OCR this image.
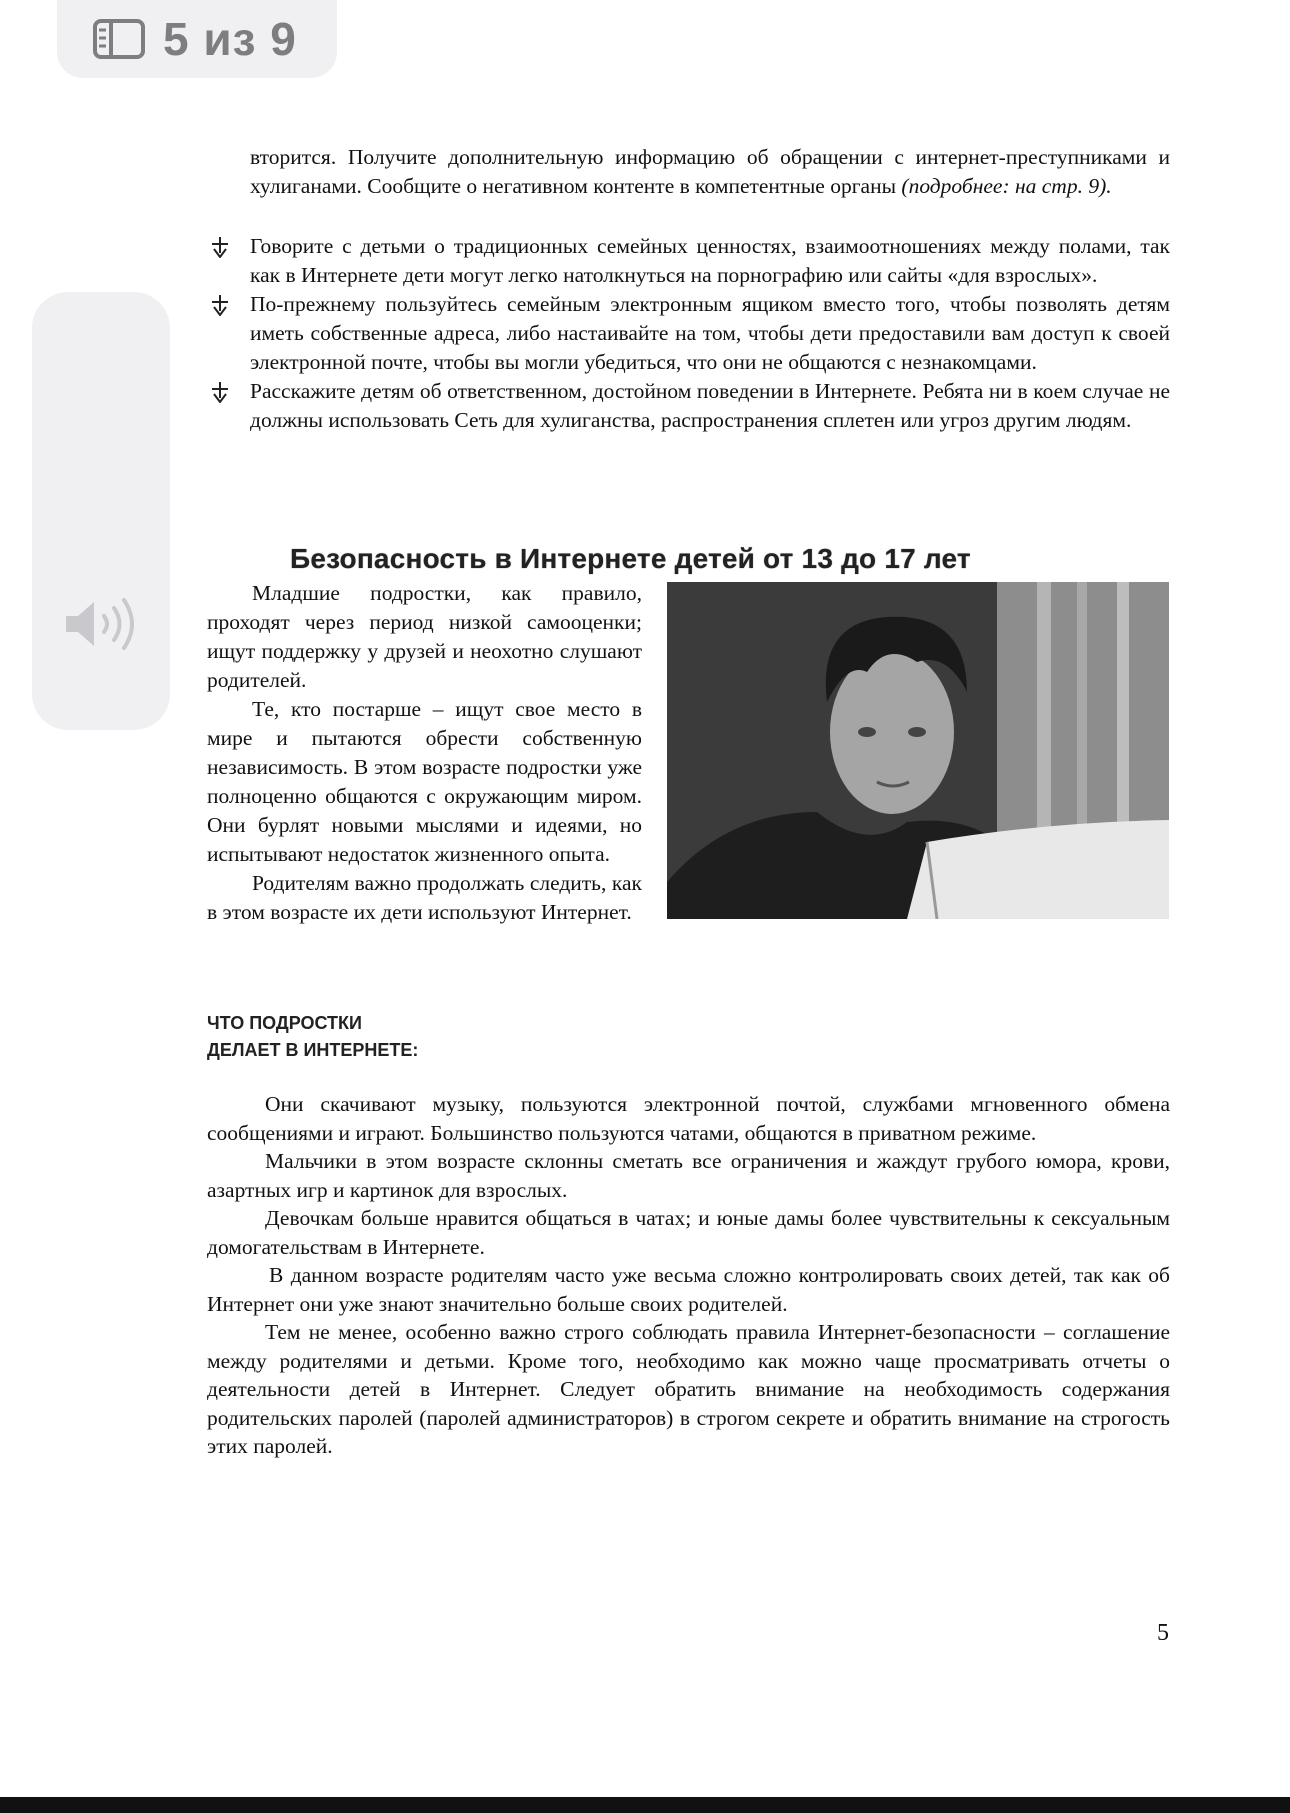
5 из 9

вторится. Получите дополнительную информацию об обращении с интернет-преступниками и хулиганами. Сообщите о негативном контенте в компетентные органы (подробнее: на стр. 9).

Говорите с детьми о традиционных семейных ценностях, взаимоотношениях между полами, так как в Интернете дети могут легко натолкнуться на порнографию или сайты «для взрослых».

По-прежнему пользуйтесь семейным электронным ящиком вместо того, чтобы позволять детям иметь собственные адреса, либо настаивайте на том, чтобы дети предоставили вам доступ к своей электронной почте, чтобы вы могли убедиться, что они не общаются с незнакомцами.

Расскажите детям об ответственном, достойном поведении в Интернете. Ребята ни в коем случае не должны использовать Сеть для хулиганства, распространения сплетен или угроз другим людям.

Безопасность в Интернете детей от 13 до 17 лет

Младшие подростки, как правило, проходят через период низкой самооценки; ищут поддержку у друзей и неохотно слушают родителей.

Те, кто постарше – ищут свое место в мире и пытаются обрести собственную независимость. В этом возрасте подростки уже полноценно общаются с окружающим миром. Они бурлят новыми мыслями и идеями, но испытывают недостаток жизненного опыта.

Родителям важно продолжать следить, как в этом возрасте их дети используют Интернет.

ЧТО ПОДРОСТКИ
ДЕЛАЕТ В ИНТЕРНЕТЕ:

Они скачивают музыку, пользуются электронной почтой, службами мгновенного обмена сообщениями и играют. Большинство пользуются чатами, общаются в приватном режиме.

Мальчики в этом возрасте склонны сметать все ограничения и жаждут грубого юмора, крови, азартных игр и картинок для взрослых.

Девочкам больше нравится общаться в чатах; и юные дамы более чувствительны к сексуальным домогательствам в Интернете.

В данном возрасте родителям часто уже весьма сложно контролировать своих детей, так как об Интернет они уже знают значительно больше своих родителей.

Тем не менее, особенно важно строго соблюдать правила Интернет-безопасности – соглашение между родителями и детьми. Кроме того, необходимо как можно чаще просматривать отчеты о деятельности детей в Интернет. Следует обратить внимание на необходимость содержания родительских паролей (паролей администраторов) в строгом секрете и обратить внимание на строгость этих паролей.

5
